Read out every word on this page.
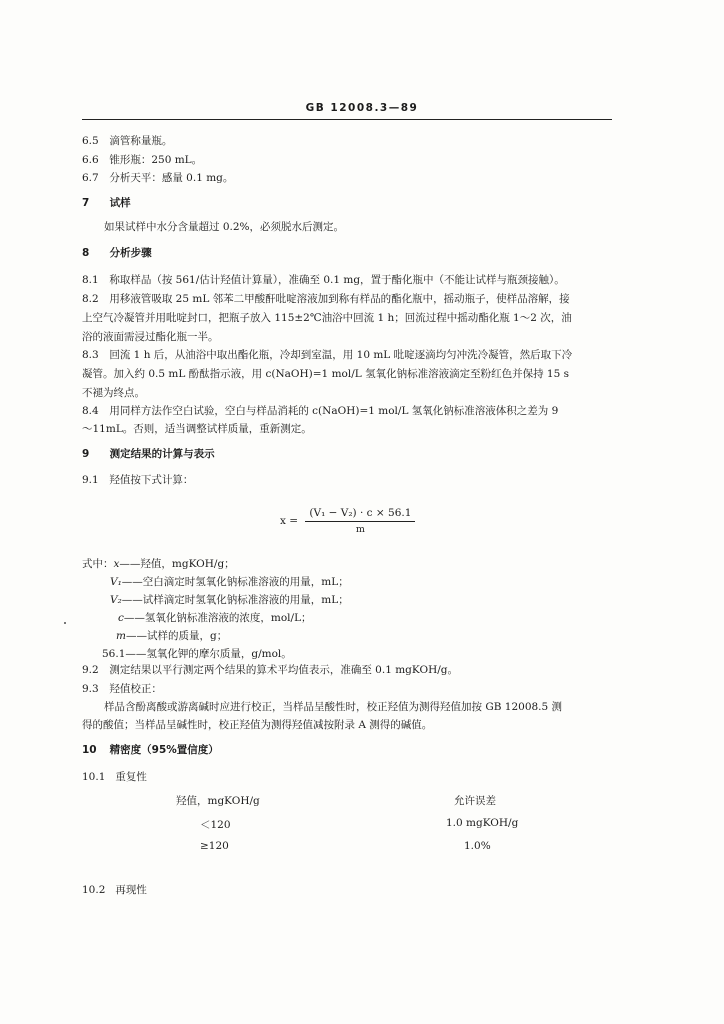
GB 12008.3—89
6.5 滴管称量瓶。
6.6 锥形瓶：250 mL。
6.7 分析天平：感量 0.1 mg。
7 试样
如果试样中水分含量超过 0.2%，必须脱水后测定。
8 分析步骤
8.1 称取样品（按 561/估计羟值计算量），准确至 0.1 mg，置于酯化瓶中（不能让试样与瓶颈接触）。
8.2 用移液管吸取 25 mL 邻苯二甲酸酐吡啶溶液加到称有样品的酯化瓶中，摇动瓶子，使样品溶解，接
上空气冷凝管并用吡啶封口，把瓶子放入 115±2℃油浴中回流 1 h；回流过程中摇动酯化瓶 1～2 次，油
浴的液面需浸过酯化瓶一半。
8.3 回流 1 h 后，从油浴中取出酯化瓶，冷却到室温，用 10 mL 吡啶逐滴均匀冲洗冷凝管，然后取下冷
凝管。加入约 0.5 mL 酚酞指示液，用 c(NaOH)=1 mol/L 氢氧化钠标准溶液滴定至粉红色并保持 15 s
不褪为终点。
8.4 用同样方法作空白试验，空白与样品消耗的 c(NaOH)=1 mol/L 氢氧化钠标准溶液体积之差为 9
～11mL。否则，适当调整试样质量，重新测定。
9 测定结果的计算与表示
9.1 羟值按下式计算：
$x = \frac{\text{(V₁ − V₂) · c × 56.1}}{m}$
式中：x——羟值，mgKOH/g；
V₁——空白滴定时氢氧化钠标准溶液的用量，mL；
V₂——试样滴定时氢氧化钠标准溶液的用量，mL；
c——氢氧化钠标准溶液的浓度，mol/L；
m——试样的质量，g；
56.1——氢氧化钾的摩尔质量，g/mol。
9.2 测定结果以平行测定两个结果的算术平均值表示，准确至 0.1 mgKOH/g。
9.3 羟值校正：
样品含酚离酸或游离碱时应进行校正，当样品呈酸性时，校正羟值为测得羟值加按 GB 12008.5 测
得的酸值；当样品呈碱性时，校正羟值为测得羟值减按附录 A 测得的碱值。
10 精密度（95%置信度）
10.1 重复性
羟值，mgKOH/g	允许误差
＜120	1.0 mgKOH/g
≥120	1.0%
10.2 再现性
